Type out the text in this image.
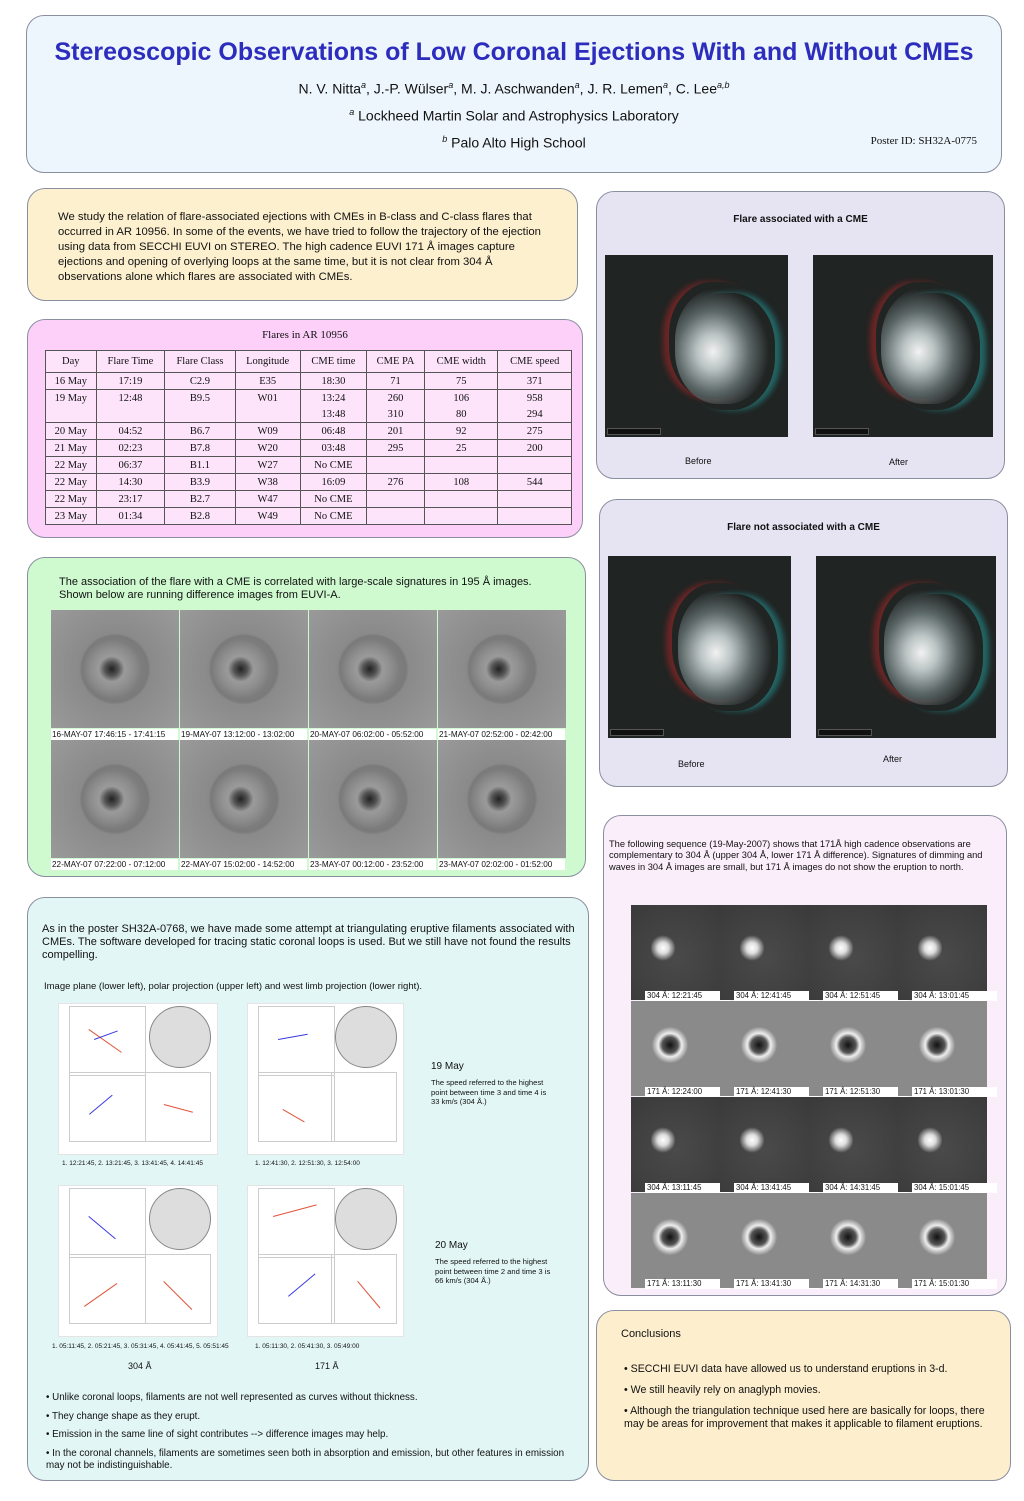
Stereoscopic Observations of Low Coronal Ejections With and Without CMEs
N. V. Nitta$^a$, J.-P. Wülser$^a$, M. J. Aschwanden$^a$, J. R. Lemen$^a$, C. Lee$^{a,b}$
$^a$ Lockheed Martin Solar and Astrophysics Laboratory
$^b$ Palo Alto High School	Poster ID: SH32A-0775

We study the relation of flare-associated ejections with CMEs in B-class and C-class flares that occurred in AR 10956. In some of the events, we have tried to follow the trajectory of the ejection using data from SECCHI EUVI on STEREO. The high cadence EUVI 171 Å images capture ejections and opening of overlying loops at the same time, but it is not clear from 304 Å observations alone which flares are associated with CMEs.

Flares in AR 10956
Day	Flare Time	Flare Class	Longitude	CME time	CME PA	CME width	CME speed
16 May	17:19	C2.9	E35	18:30	71	75	371
19 May	12:48	B9.5	W01	13:24	260	106	958
				13:48	310	80	294
20 May	04:52	B6.7	W09	06:48	201	92	275
21 May	02:23	B7.8	W20	03:48	295	25	200
22 May	06:37	B1.1	W27	No CME			
22 May	14:30	B3.9	W38	16:09	276	108	544
22 May	23:17	B2.7	W47	No CME			
23 May	01:34	B2.8	W49	No CME			

The association of the flare with a CME is correlated with large-scale signatures in 195 Å images. Shown below are running difference images from EUVI-A.

16-MAY-07 17:46:15 - 17:41:15	19-MAY-07 13:12:00 - 13:02:00	20-MAY-07 06:02:00 - 05:52:00	21-MAY-07 02:52:00 - 02:42:00
22-MAY-07 07:22:00 - 07:12:00	22-MAY-07 15:02:00 - 14:52:00	23-MAY-07 00:12:00 - 23:52:00	23-MAY-07 02:02:00 - 01:52:00

As in the poster SH32A-0768, we have made some attempt at triangulating eruptive filaments associated with CMEs. The software developed for tracing static coronal loops is used. But we still have not found the results compelling.

Image plane (lower left), polar projection (upper left) and west limb projection (lower right).
1. 12:21:45, 2. 13:21:45, 3. 13:41:45, 4. 14:41:45	1. 12:41:30, 2. 12:51:30, 3. 12:54:00
19 May
The speed referred to the highest point between time 3 and time 4 is 33 km/s (304 Å.)
1. 05:11:45, 2. 05:21:45, 3. 05:31:45, 4. 05:41:45, 5. 05:51:45	1. 05:11:30, 2. 05:41:30, 3. 05:49:00
20 May
The speed referred to the highest point between time 2 and time 3 is 66 km/s (304 Å.)
304 Å	171 Å
• Unlike coronal loops, filaments are not well represented as curves without thickness.
• They change shape as they erupt.
• Emission in the same line of sight contributes --> difference images may help.
• In the coronal channels, filaments are sometimes seen both in absorption and emission, but other features in emission may not be indistinguishable.
Flare associated with a CME
Before	After
Flare not associated with a CME
Before	After

The following sequence (19-May-2007) shows that 171Å high cadence observations are complementary to 304 Å (upper 304 Å, lower 171 Å difference). Signatures of dimming and waves in 304 Å images are small, but 171 Å images do not show the eruption to north.

304 Å: 12:21:45	304 Å: 12:41:45	304 Å: 12:51:45	304 Å: 13:01:45
171 Å: 12:24:00	171 Å: 12:41:30	171 Å: 12:51:30	171 Å: 13:01:30
304 Å: 13:11:45	304 Å: 13:41:45	304 Å: 14:31:45	304 Å: 15:01:45
171 Å: 13:11:30	171 Å: 13:41:30	171 Å: 14:31:30	171 Å: 15:01:30
Conclusions
• SECCHI EUVI data have allowed us to understand eruptions in 3-d.
• We still heavily rely on anaglyph movies.
• Although the triangulation technique used here are basically for loops, there may be areas for improvement that makes it applicable to filament eruptions.
